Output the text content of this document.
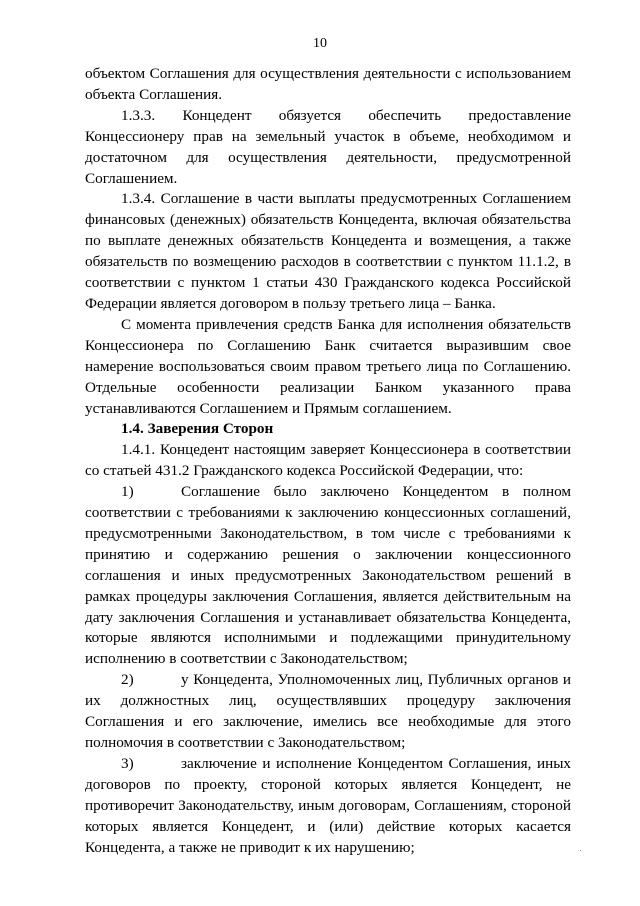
10

объектом Соглашения для осуществления деятельности с использованием объекта Соглашения.

1.3.3. Концедент обязуется обеспечить предоставление Концессионеру прав на земельный участок в объеме, необходимом и достаточном для осуществления деятельности, предусмотренной Соглашением.

1.3.4. Соглашение в части выплаты предусмотренных Соглашением финансовых (денежных) обязательств Концедента, включая обязательства по выплате денежных обязательств Концедента и возмещения, а также обязательств по возмещению расходов в соответствии с пунктом 11.1.2, в соответствии с пунктом 1 статьи 430 Гражданского кодекса Российской Федерации является договором в пользу третьего лица – Банка.

С момента привлечения средств Банка для исполнения обязательств Концессионера по Соглашению Банк считается выразившим свое намерение воспользоваться своим правом третьего лица по Соглашению. Отдельные особенности реализации Банком указанного права устанавливаются Соглашением и Прямым соглашением.

1.4. Заверения Сторон

1.4.1. Концедент настоящим заверяет Концессионера в соответствии со статьей 431.2 Гражданского кодекса Российской Федерации, что:

1)	Соглашение было заключено Концедентом в полном соответствии с требованиями к заключению концессионных соглашений, предусмотренными Законодательством, в том числе с требованиями к принятию и содержанию решения о заключении концессионного соглашения и иных предусмотренных Законодательством решений в рамках процедуры заключения Соглашения, является действительным на дату заключения Соглашения и устанавливает обязательства Концедента, которые являются исполнимыми и подлежащими принудительному исполнению в соответствии с Законодательством;

2)	у Концедента, Уполномоченных лиц, Публичных органов и их должностных лиц, осуществлявших процедуру заключения Соглашения и его заключение, имелись все необходимые для этого полномочия в соответствии с Законодательством;

3)	заключение и исполнение Концедентом Соглашения, иных договоров по проекту, стороной которых является Концедент, не противоречит Законодательству, иным договорам, Соглашениям, стороной которых является Концедент, и (или) действие которых касается Концедента, а также не приводит к их нарушению;
